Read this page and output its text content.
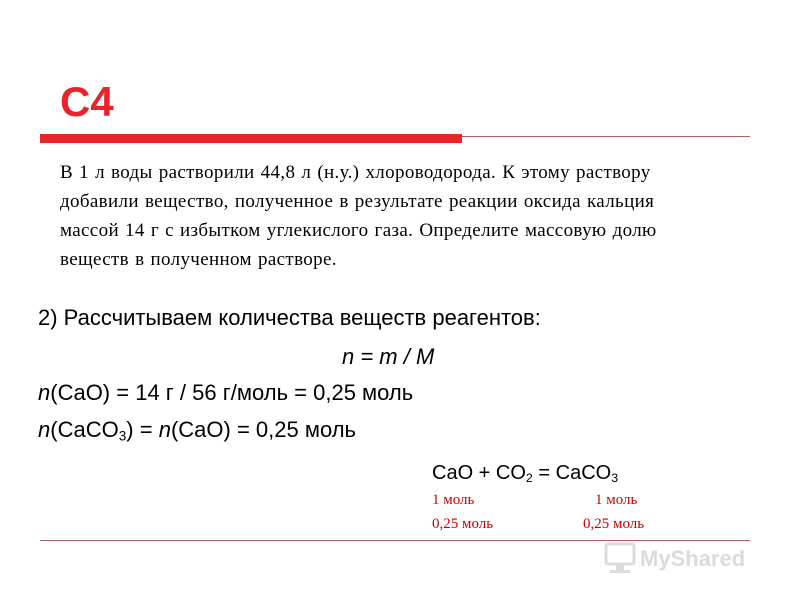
С4

В 1 л воды растворили 44,8 л (н.у.) хлороводорода. К этому раствору
добавили вещество, полученное в результате реакции оксида кальция
массой 14 г с избытком углекислого газа. Определите массовую долю
веществ в полученном растворе.

2) Рассчитываем количества веществ реагентов:
n = m / M
n(CaO) = 14 г / 56 г/моль = 0,25 моль
n(CaCO$_3$) = n(CaO) = 0,25 моль
CaO + $CO_2$ = CaCO$_3$
1 моль	1 моль
0,25 моль	0,25 моль
MyShared
